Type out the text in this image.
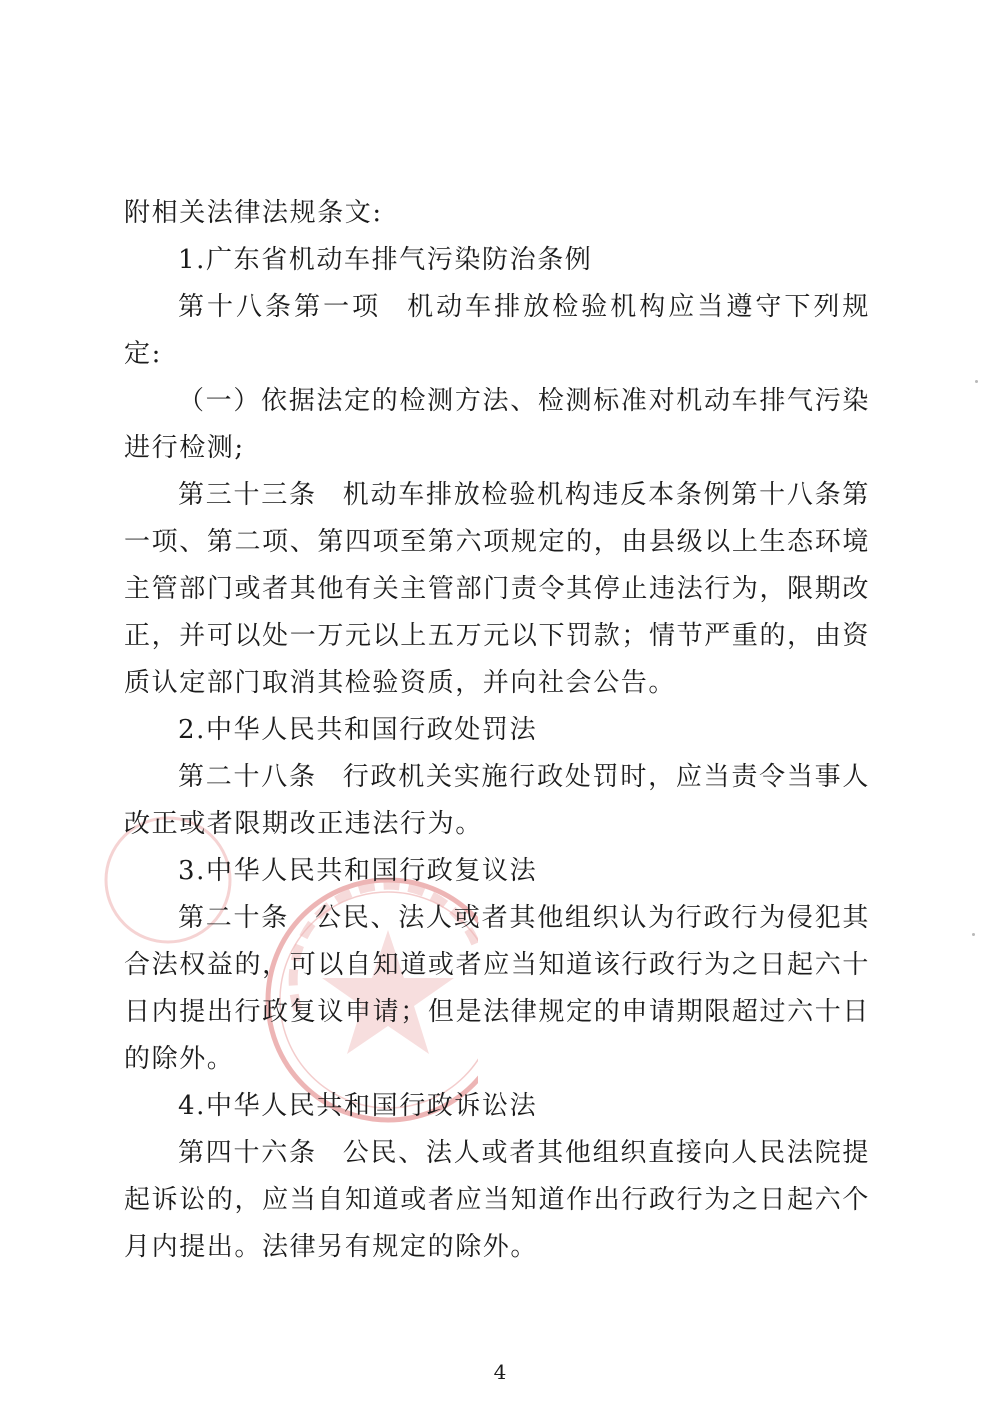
附相关法律法规条文:

1.广东省机动车排气污染防治条例

第十八条第一项 机动车排放检验机构应当遵守下列规定:

（一）依据法定的检测方法、检测标准对机动车排气污染进行检测;

第三十三条 机动车排放检验机构违反本条例第十八条第一项、第二项、第四项至第六项规定的，由县级以上生态环境主管部门或者其他有关主管部门责令其停止违法行为，限期改正，并可以处一万元以上五万元以下罚款；情节严重的，由资质认定部门取消其检验资质，并向社会公告。

2.中华人民共和国行政处罚法

第二十八条 行政机关实施行政处罚时，应当责令当事人改正或者限期改正违法行为。

3.中华人民共和国行政复议法

第二十条 公民、法人或者其他组织认为行政行为侵犯其合法权益的，可以自知道或者应当知道该行政行为之日起六十日内提出行政复议申请；但是法律规定的申请期限超过六十日的除外。

4.中华人民共和国行政诉讼法

第四十六条 公民、法人或者其他组织直接向人民法院提起诉讼的，应当自知道或者应当知道作出行政行为之日起六个月内提出。法律另有规定的除外。

4
